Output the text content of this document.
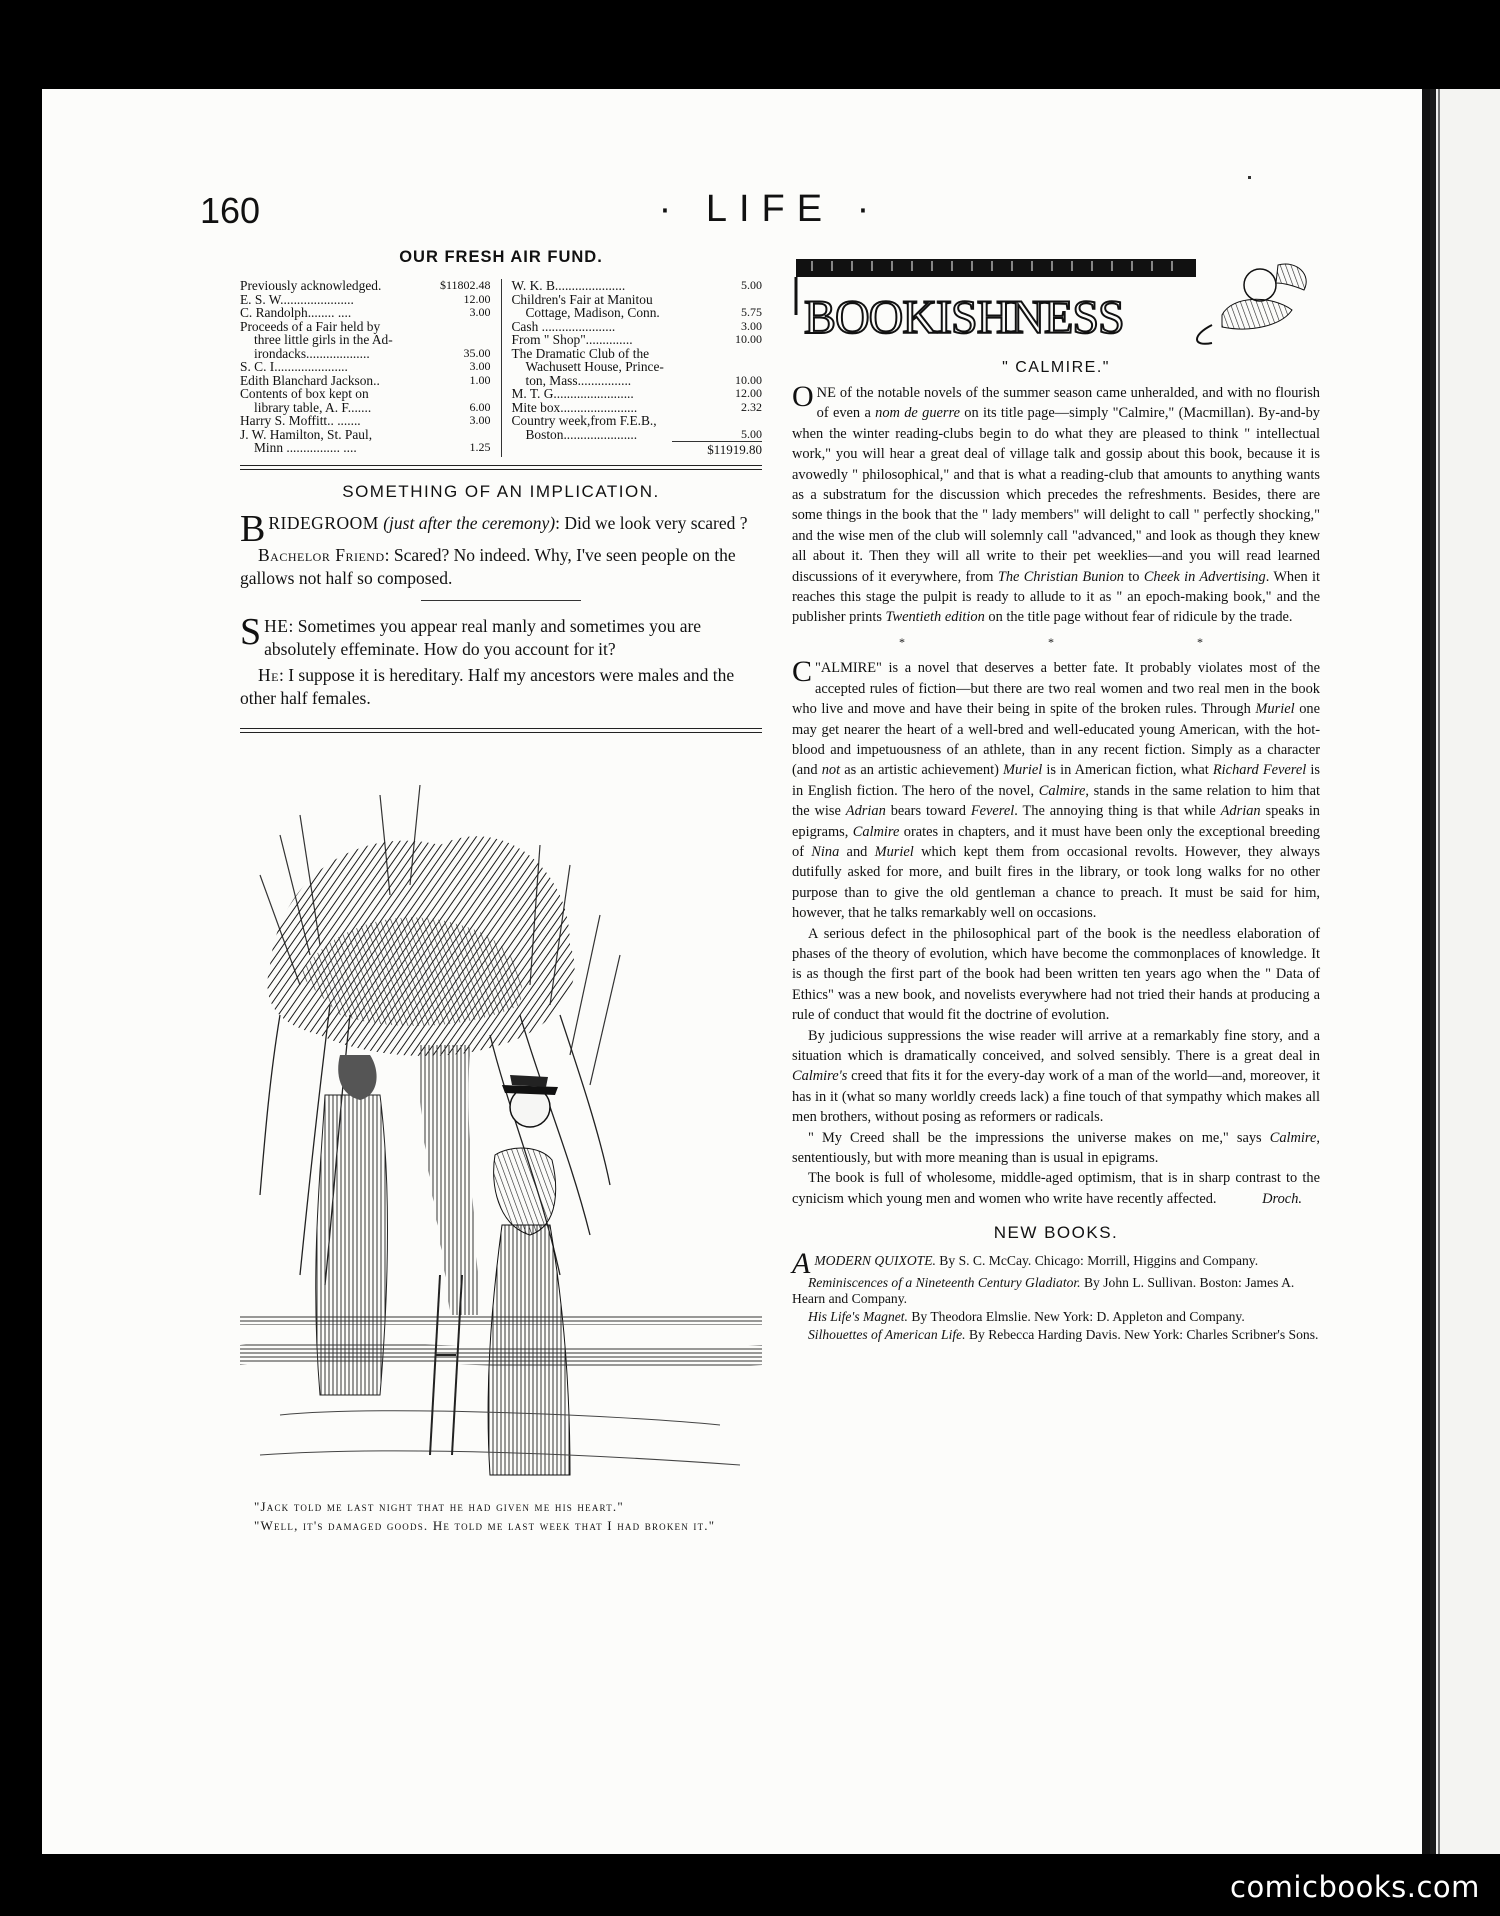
160	· LIFE ·
OUR FRESH AIR FUND.
Previously acknowledged.	$11802.48
E. S. W......................	12.00
C. Randolph........ ....	3.00
Proceeds of a Fair held by
three little girls in the Ad-
irondacks...................	35.00
S. C. I......................	3.00
Edith Blanchard Jackson..	1.00
Contents of box kept on
library table, A. F.......	6.00
Harry S. Moffitt.. .......	3.00
J. W. Hamilton, St. Paul,
Minn ................ ....	1.25
W. K. B.....................	5.00
Children's Fair at Manitou
Cottage, Madison, Conn.	5.75
Cash ......................	3.00
From " Shop"..............	10.00
The Dramatic Club of the
Wachusett House, Prince-
ton, Mass................	10.00
M. T. G........................	12.00
Mite box.......................	2.32
Country week,from F.E.B.,
Boston......................	5.00
$11919.80
SOMETHING OF AN IMPLICATION.

BRIDEGROOM (just after the ceremony): Did we look very scared ?

Bachelor Friend: Scared? No indeed. Why, I've seen people on the gallows not half so composed.

SHE: Sometimes you appear real manly and sometimes you are absolutely effeminate. How do you account for it?

He: I suppose it is hereditary. Half my ancestors were males and the other half females.

"Jack told me last night that he had given me his heart."

"Well, it's damaged goods. He told me last week that I had broken it."

BOOKISHNESS
" CALMIRE."

ONE of the notable novels of the summer season came unheralded, and with no flourish of even a nom de guerre on its title page—simply "Calmire," (Macmillan). By-and-by when the winter reading-clubs begin to do what they are pleased to think " intellectual work," you will hear a great deal of village talk and gossip about this book, because it is avowedly " philosophical," and that is what a reading-club that amounts to anything wants as a substratum for the discussion which precedes the refreshments. Besides, there are some things in the book that the " lady members" will delight to call " perfectly shocking," and the wise men of the club will solemnly call "advanced," and look as though they knew all about it. Then they will all write to their pet weeklies—and you will read learned discussions of it everywhere, from The Christian Bunion to Cheek in Advertising. When it reaches this stage the pulpit is ready to allude to it as " an epoch-making book," and the publisher prints Twentieth edition on the title page without fear of ridicule by the trade.

* * *

"
C ALMIRE" is a novel that deserves a better fate. It probably violates most of the accepted rules of fiction—but there are two real women and two real men in the book who live and move and have their being in spite of the broken rules. Through Muriel one may get nearer the heart of a well-bred and well-educated young American, with the hot-blood and impetuousness of an athlete, than in any recent fiction. Simply as a character (and not as an artistic achievement) Muriel is in American fiction, what Richard Feverel is in English fiction. The hero of the novel, Calmire, stands in the same relation to him that the wise Adrian bears toward Feverel. The annoying thing is that while Adrian speaks in epigrams, Calmire orates in chapters, and it must have been only the exceptional breeding of Nina and Muriel which kept them from occasional revolts. However, they always dutifully asked for more, and built fires in the library, or took long walks for no other purpose than to give the old gentleman a chance to preach. It must be said for him, however, that he talks remarkably well on occasions.

A serious defect in the philosophical part of the book is the needless elaboration of phases of the theory of evolution, which have become the commonplaces of knowledge. It is as though the first part of the book had been written ten years ago when the " Data of Ethics" was a new book, and novelists everywhere had not tried their hands at producing a rule of conduct that would fit the doctrine of evolution.

By judicious suppressions the wise reader will arrive at a remarkably fine story, and a situation which is dramatically conceived, and solved sensibly. There is a great deal in Calmire's creed that fits it for the every-day work of a man of the world—and, moreover, it has in it (what so many worldly creeds lack) a fine touch of that sympathy which makes all men brothers, without posing as reformers or radicals.

" My Creed shall be the impressions the universe makes on me," says Calmire, sententiously, but with more meaning than is usual in epigrams.

The book is full of wholesome, middle-aged optimism, that is in sharp contrast to the cynicism which young men and women who write have recently affected.	Droch.

NEW BOOKS.

AMODERN QUIXOTE. By S. C. McCay. Chicago: Morrill, Higgins and Company.

Reminiscences of a Nineteenth Century Gladiator. By John L. Sullivan. Boston: James A. Hearn and Company.

His Life's Magnet. By Theodora Elmslie. New York: D. Appleton and Company.

Silhouettes of American Life. By Rebecca Harding Davis. New York: Charles Scribner's Sons.

comicbooks.com
